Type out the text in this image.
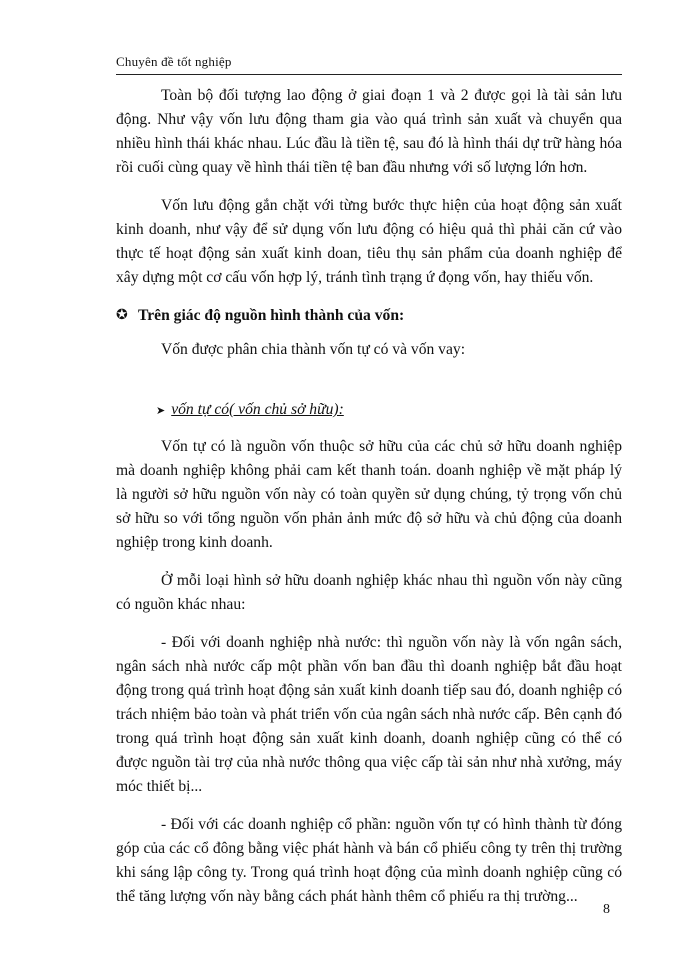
Chuyên đề tốt nghiệp

Toàn bộ đối tượng lao động ở giai đoạn 1 và 2 được gọi là tài sản lưu động. Như vậy vốn lưu động tham gia vào quá trình sản xuất và chuyển qua nhiều hình thái khác nhau. Lúc đầu là tiền tệ, sau đó là hình thái dự trữ hàng hóa rồi cuối cùng quay về hình thái tiền tệ ban đầu nhưng với số lượng lớn hơn.

Vốn lưu động gắn chặt với từng bước thực hiện của hoạt động sản xuất kinh doanh, như vậy để sử dụng vốn lưu động có hiệu quả thì phải căn cứ vào thực tế hoạt động sản xuất kinh doan, tiêu thụ sản phẩm của doanh nghiệp để xây dựng một cơ cấu vốn hợp lý, tránh tình trạng ứ đọng vốn, hay thiếu vốn.

✪ Trên giác độ nguồn hình thành của vốn:

Vốn được phân chia thành vốn tự có và vốn vay:

➤ vốn tự có( vốn chủ sở hữu):

Vốn tự có là nguồn vốn thuộc sở hữu của các chủ sở hữu doanh nghiệp mà doanh nghiệp không phải cam kết thanh toán. doanh nghiệp về mặt pháp lý là người sở hữu nguồn vốn này có toàn quyền sử dụng chúng, tỷ trọng vốn chủ sở hữu so với tổng nguồn vốn phản ảnh mức độ sở hữu và chủ động của doanh nghiệp trong kinh doanh.

Ở mỗi loại hình sở hữu doanh nghiệp khác nhau thì nguồn vốn này cũng có nguồn khác nhau:

- Đối với doanh nghiệp nhà nước: thì nguồn vốn này là vốn ngân sách, ngân sách nhà nước cấp một phần vốn ban đầu thì doanh nghiệp bắt đầu hoạt động trong quá trình hoạt động sản xuất kinh doanh tiếp sau đó, doanh nghiệp có trách nhiệm bảo toàn và phát triển vốn của ngân sách nhà nước cấp. Bên cạnh đó trong quá trình hoạt động sản xuất kinh doanh, doanh nghiệp cũng có thể có được nguồn tài trợ của nhà nước thông qua việc cấp tài sản như nhà xưởng, máy móc thiết bị...

- Đối với các doanh nghiệp cổ phần: nguồn vốn tự có hình thành từ đóng góp của các cổ đông bằng việc phát hành và bán cổ phiếu công ty trên thị trường khi sáng lập công ty. Trong quá trình hoạt động của mình doanh nghiệp cũng có thể tăng lượng vốn này bằng cách phát hành thêm cổ phiếu ra thị trường...

8
